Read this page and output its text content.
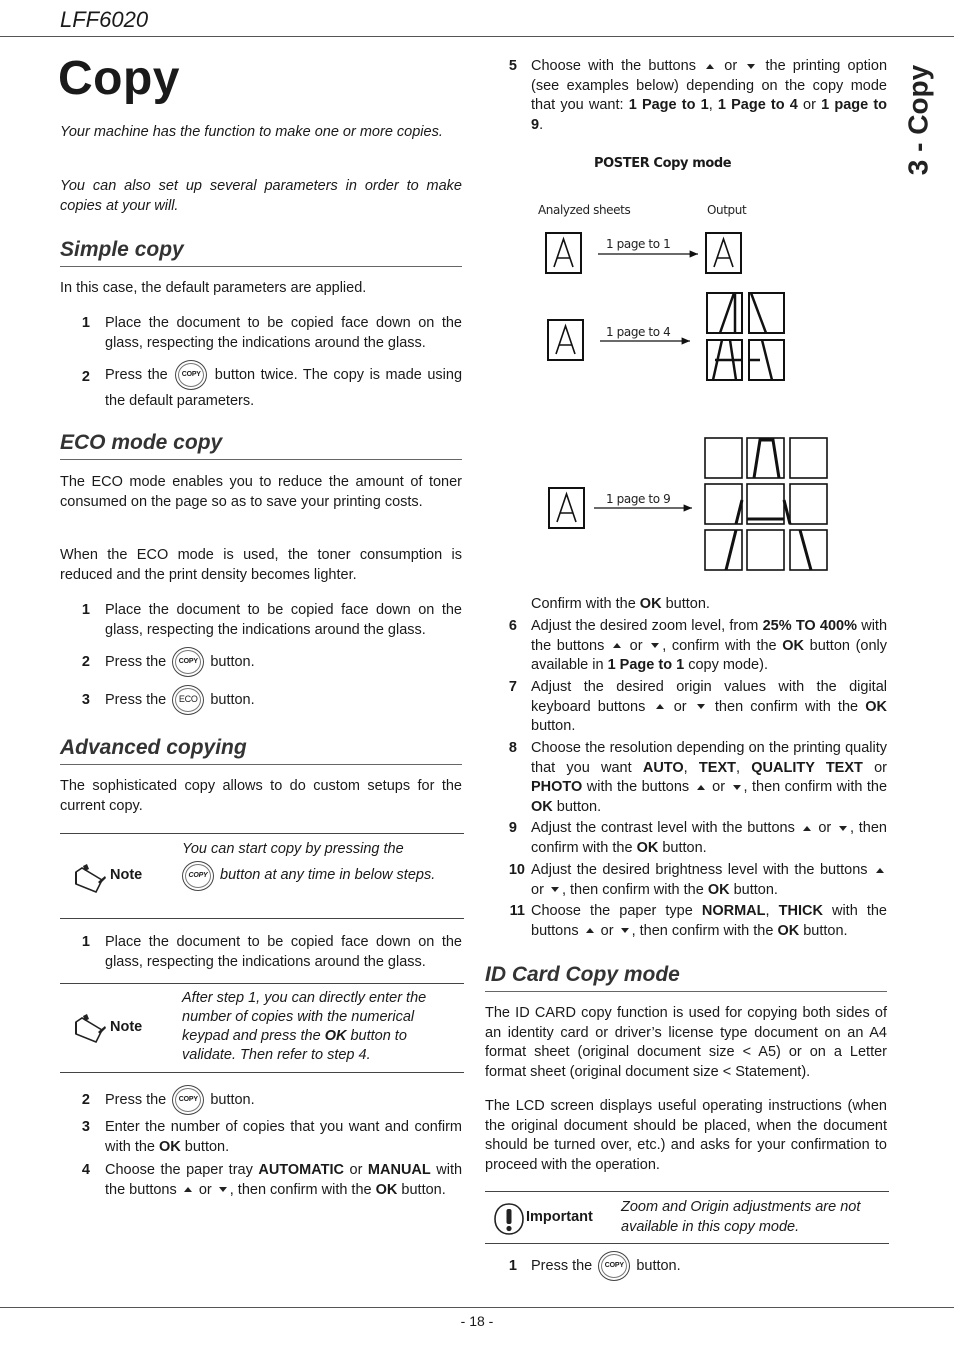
LFF6020
3 - Copy
Copy
Your machine has the function to make one or more copies.
You can also set up several parameters in order to make copies at your will.
Simple copy
In this case, the default parameters are applied.
1 Place the document to be copied face down on the glass, respecting the indications around the glass.
2 Press the	COPY button twice. The copy is made using the default parameters.
ECO mode copy
The ECO mode enables you to reduce the amount of toner consumed on the page so as to save your printing costs.
When the ECO mode is used, the toner consumption is reduced and the print density becomes lighter.
1 Place the document to be copied face down on the glass, respecting the indications around the glass.
2 Press the	COPY button.
3 Press the	ECO button.
Advanced copying
The sophisticated copy allows to do custom setups for the current copy.
Note
You can start copy by pressing the

COPY button at any time in below steps.
1 Place the document to be copied face down on the glass, respecting the indications around the glass.
Note
After step 1, you can directly enter the number of copies with the numerical keypad and press the OK button to validate. Then refer to step 4.
2 Press the	COPY button.
3 Enter the number of copies that you want and confirm with the OK button.
4 Choose the paper tray AUTOMATIC or MANUAL with the buttons or , then confirm with the OK button.
5 Choose with the buttons or the printing option (see examples below) depending on the copy mode that you want: 1 Page to 1, 1 Page to 4 or 1 page to 9.
POSTER Copy mode
Analyzed sheets	Output
1 page to 1
1 page to 4
1 page to 9
Confirm with the OK button.
6 Adjust the desired zoom level, from 25% TO 400% with the buttons or , confirm with the OK button (only available in 1 Page to 1 copy mode).
7 Adjust the desired origin values with the digital keyboard buttons or then confirm with the OK button.
8 Choose the resolution depending on the printing quality that you want AUTO, TEXT, QUALITY TEXT or PHOTO with the buttons or , then confirm with the OK button.
9 Adjust the contrast level with the buttons or , then confirm with the OK button.
10 Adjust the desired brightness level with the buttons  or , then confirm with the OK button.
11 Choose the paper type NORMAL, THICK with the buttons or , then confirm with the OK button.
ID Card Copy mode
The ID CARD copy function is used for copying both sides of an identity card or driver’s license type document on an A4 format sheet (original document size < A5) or on a Letter format sheet (original document size < Statement).
The LCD screen displays useful operating instructions (when the original document should be placed, when the document should be turned over, etc.) and asks for your confirmation to proceed with the operation.
Important
Zoom and Origin adjustments are not available in this copy mode.
1 Press the	COPY button.
- 18 -
